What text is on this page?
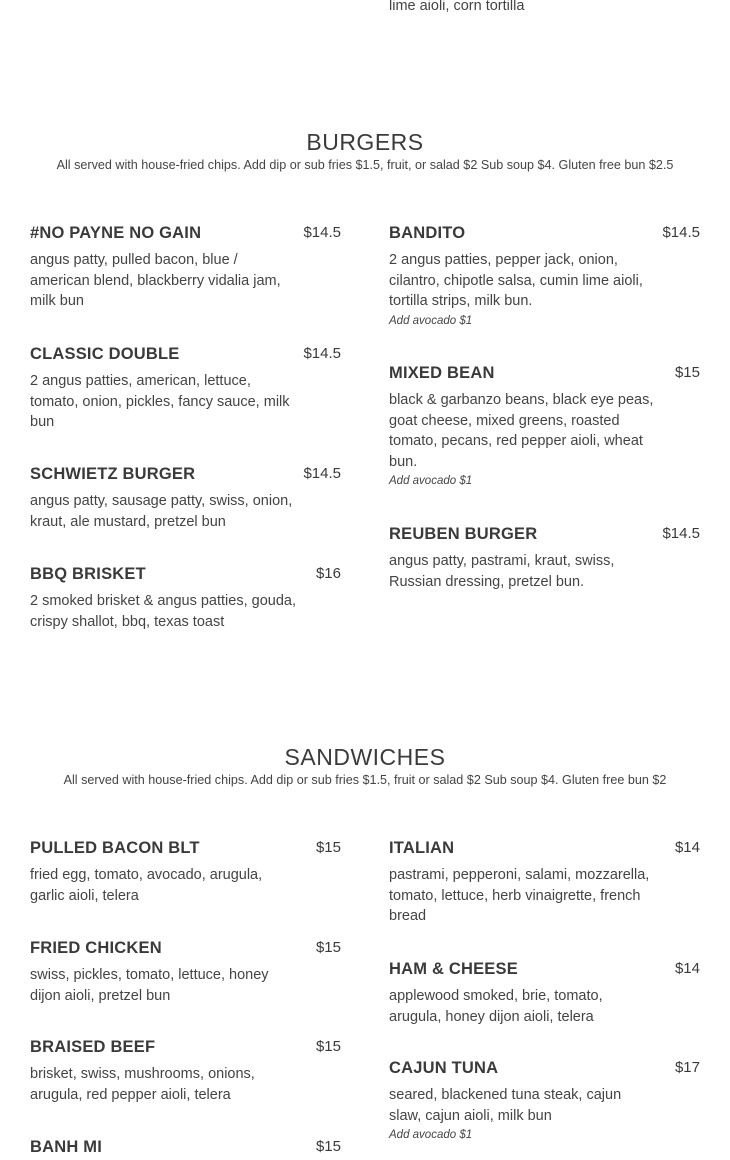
lime aioli, corn tortilla
BURGERS
All served with house-fried chips. Add dip or sub fries $1.5, fruit, or salad $2 Sub soup $4. Gluten free bun $2.5
#NO PAYNE NO GAIN	$14.5
angus patty, pulled bacon, blue / american blend, blackberry vidalia jam, milk bun
CLASSIC DOUBLE	$14.5
2 angus patties, american, lettuce, tomato, onion, pickles, fancy sauce, milk bun
SCHWIETZ BURGER	$14.5
angus patty, sausage patty, swiss, onion, kraut, ale mustard, pretzel bun
BBQ BRISKET	$16
2 smoked brisket & angus patties, gouda, crispy shallot, bbq, texas toast
BANDITO	$14.5
2 angus patties, pepper jack, onion, cilantro, chipotle salsa, cumin lime aioli, tortilla strips, milk bun.
Add avocado $1
MIXED BEAN	$15
black & garbanzo beans, black eye peas, goat cheese, mixed greens, roasted tomato, pecans, red pepper aioli, wheat bun.
Add avocado $1
REUBEN BURGER	$14.5
angus patty, pastrami, kraut, swiss, Russian dressing, pretzel bun.
SANDWICHES
All served with house-fried chips. Add dip or sub fries $1.5, fruit or salad $2 Sub soup $4. Gluten free bun $2
PULLED BACON BLT	$15
fried egg, tomato, avocado, arugula, garlic aioli, telera
FRIED CHICKEN	$15
swiss, pickles, tomato, lettuce, honey dijon aioli, pretzel bun
BRAISED BEEF	$15
brisket, swiss, mushrooms, onions, arugula, red pepper aioli, telera
BANH MI	$15
ITALIAN	$14
pastrami, pepperoni, salami, mozzarella, tomato, lettuce, herb vinaigrette, french bread
HAM & CHEESE	$14
applewood smoked, brie, tomato, arugula, honey dijon aioli, telera
CAJUN TUNA	$17
seared, blackened tuna steak, cajun slaw, cajun aioli, milk bun
Add avocado $1
